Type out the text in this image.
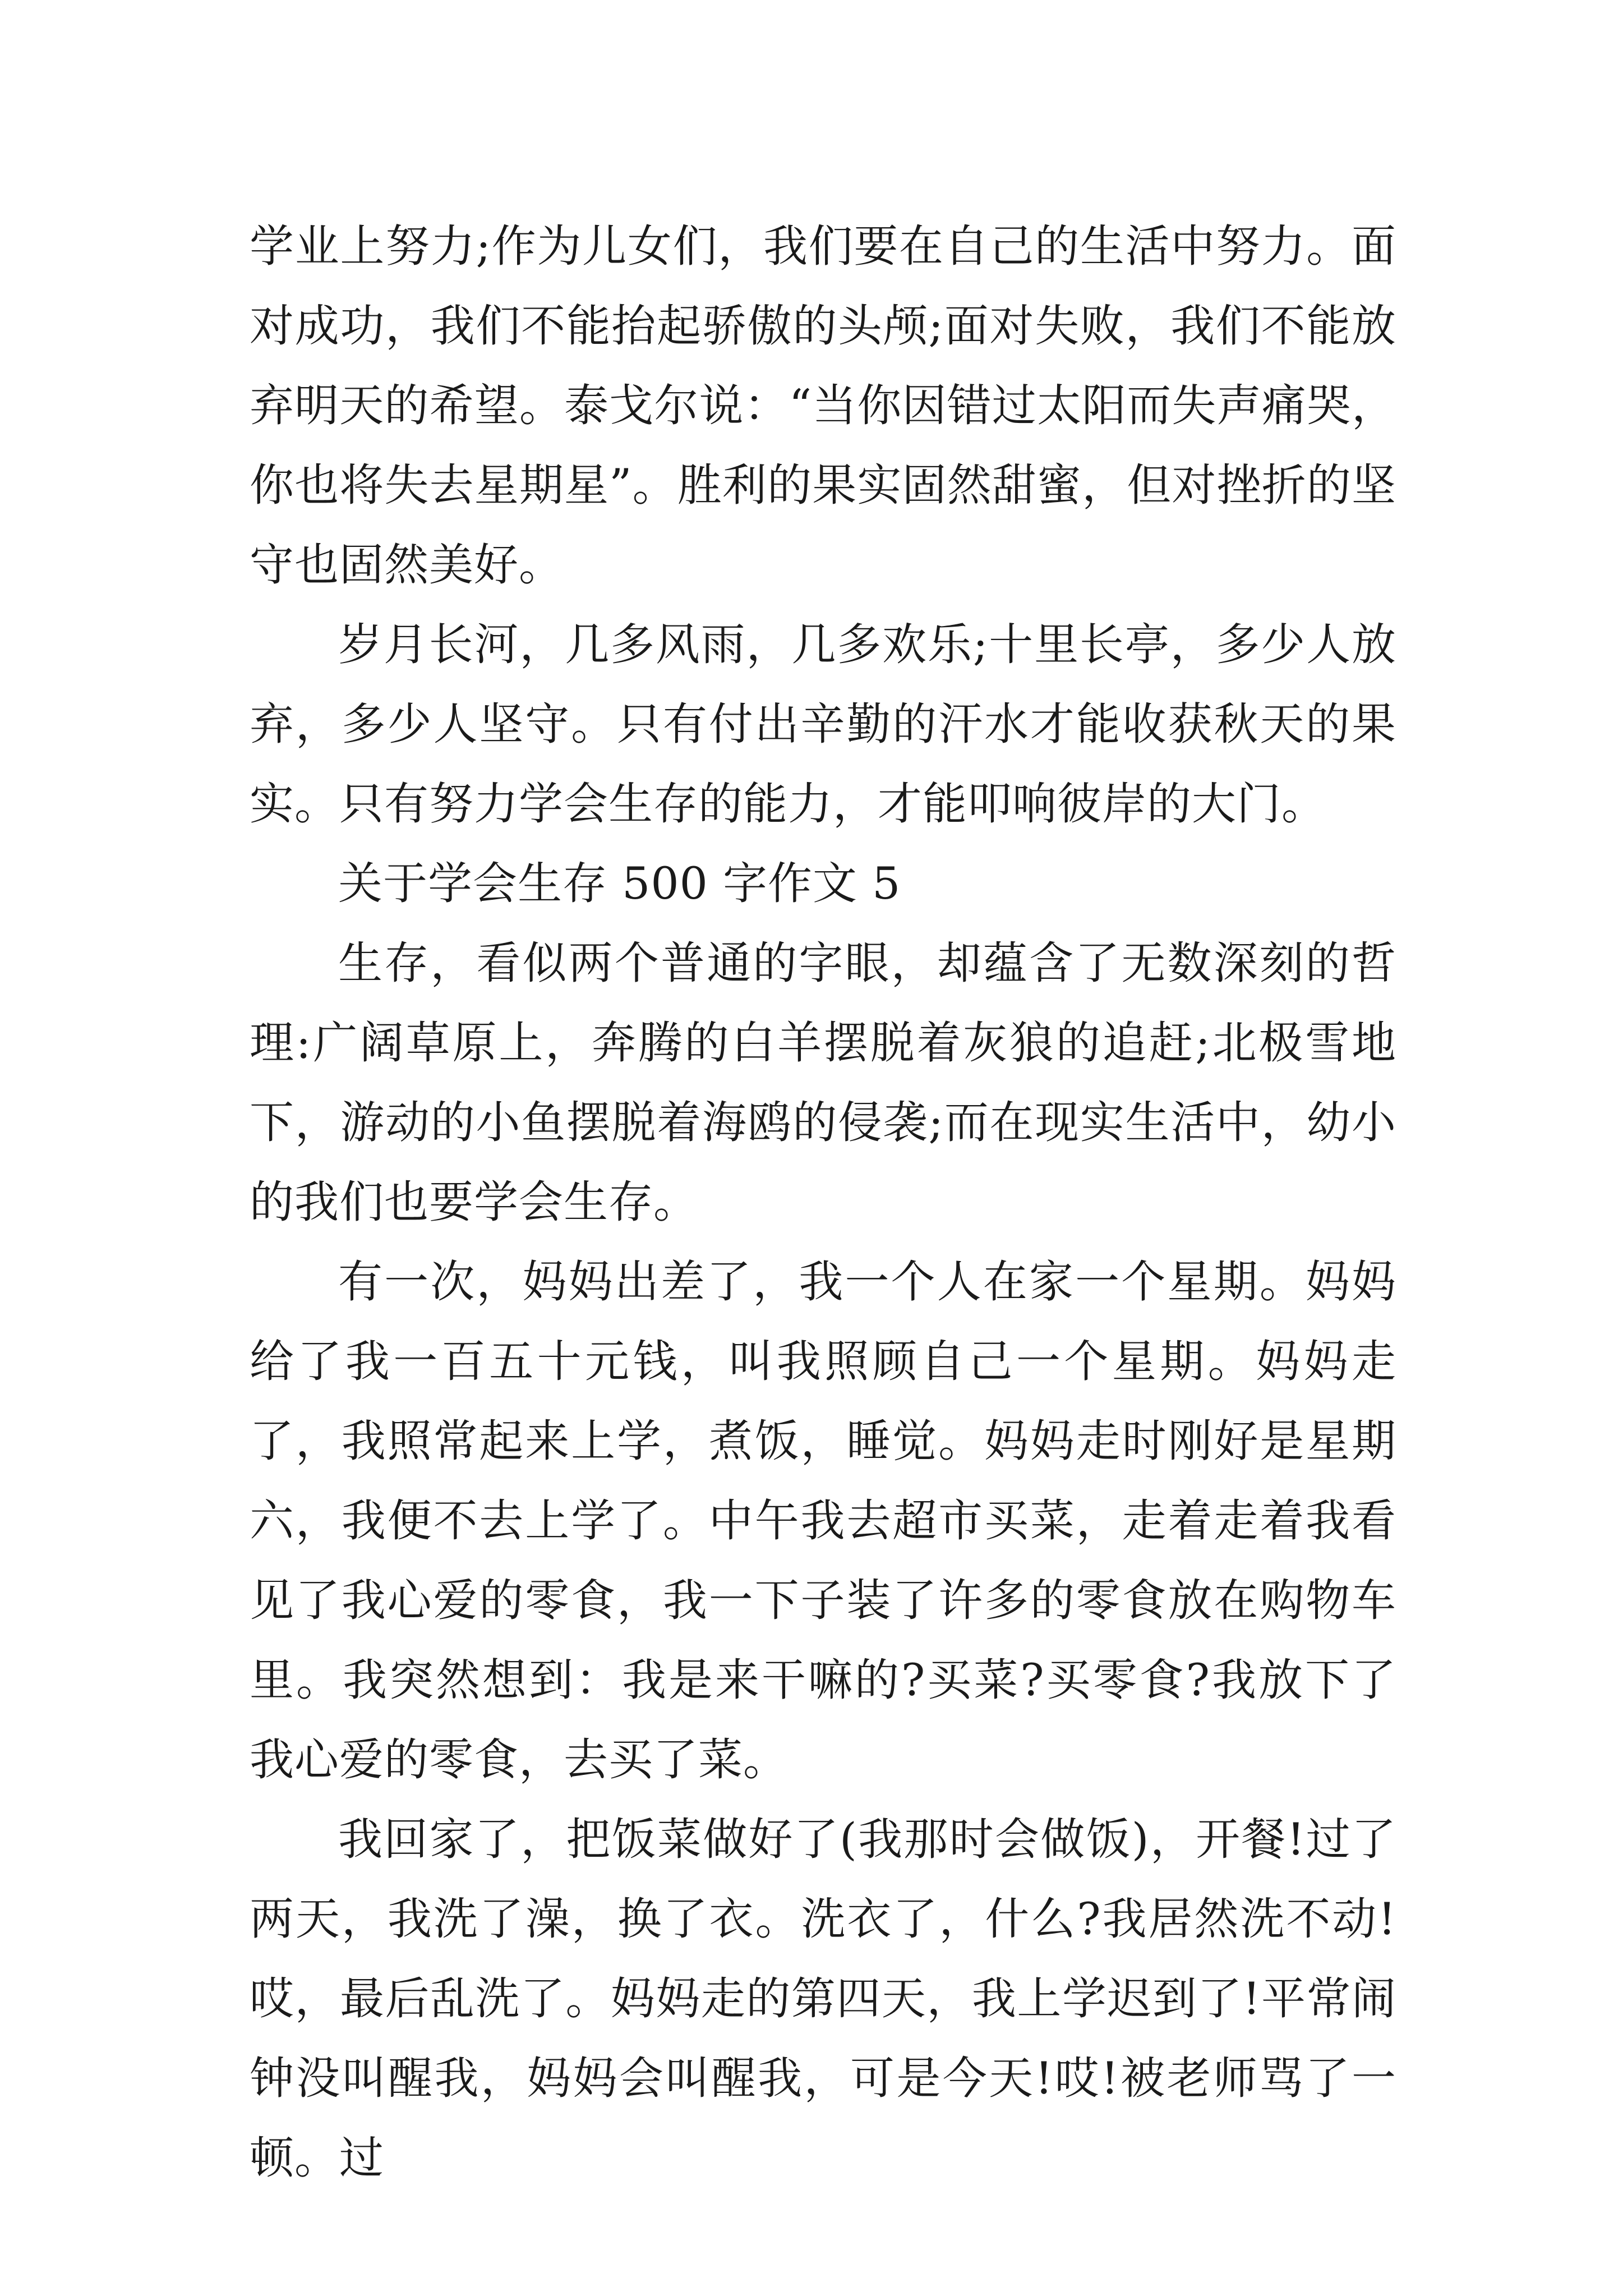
学业上努力;作为儿女们，我们要在自己的生活中努力。面对成功，我们不能抬起骄傲的头颅;面对失败，我们不能放弃明天的希望。泰戈尔说：“当你因错过太阳而失声痛哭，你也将失去星期星”。胜利的果实固然甜蜜，但对挫折的坚守也固然美好。

岁月长河，几多风雨，几多欢乐;十里长亭，多少人放弃，多少人坚守。只有付出辛勤的汗水才能收获秋天的果实。只有努力学会生存的能力，才能叩响彼岸的大门。

关于学会生存 500 字作文 5

生存，看似两个普通的字眼，却蕴含了无数深刻的哲理:广阔草原上，奔腾的白羊摆脱着灰狼的追赶;北极雪地下，游动的小鱼摆脱着海鸥的侵袭;而在现实生活中，幼小的我们也要学会生存。

有一次，妈妈出差了，我一个人在家一个星期。妈妈给了我一百五十元钱，叫我照顾自己一个星期。妈妈走了，我照常起来上学，煮饭，睡觉。妈妈走时刚好是星期六，我便不去上学了。中午我去超市买菜，走着走着我看见了我心爱的零食，我一下子装了许多的零食放在购物车里。我突然想到：我是来干嘛的?买菜?买零食?我放下了我心爱的零食，去买了菜。

我回家了，把饭菜做好了(我那时会做饭)，开餐!过了两天，我洗了澡，换了衣。洗衣了，什么?我居然洗不动!哎，最后乱洗了。妈妈走的第四天，我上学迟到了!平常闹钟没叫醒我，妈妈会叫醒我，可是今天!哎!被老师骂了一顿。过
